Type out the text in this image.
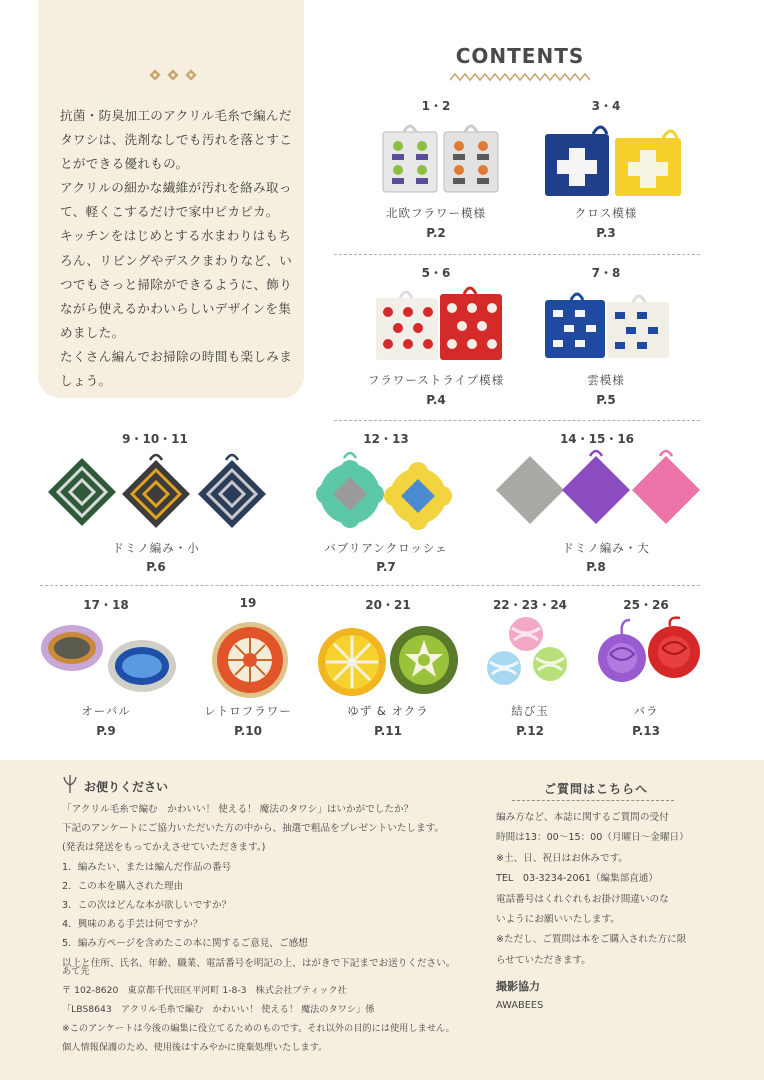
抗菌・防臭加工のアクリル毛糸で編んだ

タワシは、洗剤なしでも汚れを落とすこ

とができる優れもの。

アクリルの細かな繊維が汚れを絡み取っ

て、軽くこするだけで家中ピカピカ。

キッチンをはじめとする水まわりはもち

ろん、リビングやデスクまわりなど、い

つでもさっと掃除ができるように、飾り

ながら使えるかわいらしいデザインを集

めました。

たくさん編んでお掃除の時間も楽しみま

しょう。

CONTENTS
1・2
北欧フラワー模様
P.2
3・4
クロス模様
P.3
5・6
フラワーストライプ模様
P.4
7・8
雲模様
P.5
9・10・11
ドミノ編み・小
P.6
12・13
バブリアンクロッシェ
P.7
14・15・16
ドミノ編み・大
P.8
17・18
オーバル
P.9
19
レトロフラワー
P.10
20・21
ゆず & オクラ
P.11
22・23・24
結び玉
P.12
25・26
バラ
P.13
お便りください

「アクリル毛糸で編む　かわいい！ 使える！ 魔法のタワシ」はいかがでしたか？

下記のアンケートにご協力いただいた方の中から、抽選で粗品をプレゼントいたします。

(発表は発送をもってかえさせていただきます。)

1．編みたい、または編んだ作品の番号

2．この本を購入された理由

3．この次はどんな本が欲しいですか？

4．興味のある手芸は何ですか？

5．編み方ページを含めたこの本に関するご意見、ご感想

以上と住所、氏名、年齢、職業、電話番号を明記の上、はがきで下記までお送りください。

あて先

〒 102-8620　東京都千代田区平河町 1-8-3　株式会社ブティック社

「LBS8643　アクリル毛糸で編む　かわいい！ 使える！ 魔法のタワシ」係

※このアンケートは今後の編集に役立てるためのものです。それ以外の目的には使用しません。

個人情報保護のため、使用後はすみやかに廃棄処理いたします。

ご質問はこちらへ

編み方など、本誌に関するご質問の受付

時間は13：00～15：00（月曜日～金曜日）

※土、日、祝日はお休みです。

TEL　03-3234-2061（編集部直通）

電話番号はくれぐれもお掛け間違いのな

いようにお願いいたします。

※ただし、ご質問は本をご購入された方に限

らせていただきます。

撮影協力
AWABEES
